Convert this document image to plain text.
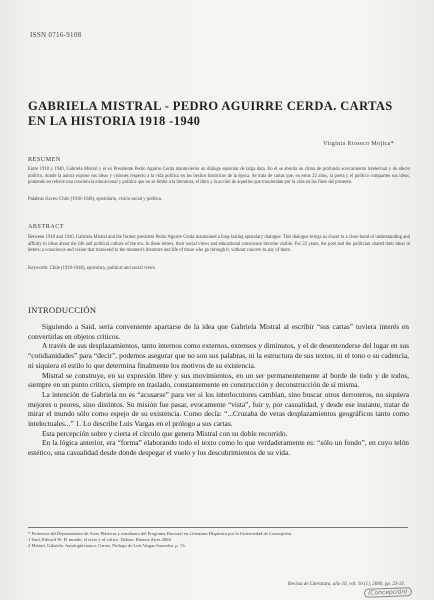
ISSN 0716-9108
GABRIELA MISTRAL - PEDRO AGUIRRE CERDA. CARTAS EN LA HISTORIA 1918 -1940
Virginia Rioseco Mojica*
RESUMEN
Entre 1918 y 1940, Gabriela Mistral y el ex Presidente Pedro Aguirre Cerda mantuvieron un diálogo epistolar de larga data. En él se aborda un clima de profundo acercamiento intelectual y de afecto político, donde la autora expone sus ideas y visiones respecto a la vida política en los hechos históricos de la época. Se trata de cartas que, en estos 22 años, la poeta y el político comparten sus ideas, poniendo en relieve una conciencia educacional y política que no se limita a la literatura, el libro y la acción de aquellos que trasciendan por la vida en los fines del presente.
Palabras claves: Chile (1918-1940), epistolario, visión social y política.
ABSTRACT
Between 1918 and 1940, Gabriela Mistral and the former president Pedro Aguirre Cerda maintained a long-lasting epistolary dialogue. This dialogue brings us closer to a close bond of understanding and affinity in ideas about the life and political culture of the era. In these letters, their social views and educational conscience become visible. For 22 years, the poet and the politician shared their ideas in letters; a conscience and vision that transcend to the moment's literature and life of those who go through it, without concern to any of them.
Keywords: Chile (1918-1940), epistolary, political and social views.
INTRODUCCIÓN

Siguiendo a Said, sería conveniente apartarse de la idea que Gabriela Mistral al escribir “sus cartas” tuviera interés en convertirlas en objetos críticos.

A través de sus desplazamientos, tanto internos como externos, extensos y diminutos, y el de desentenderse del lugar en sus “cotidianidades” para “decir”, podemos asegurar que no son sus palabras, ni la estructura de sus textos, ni el tono o su cadencia, ni siquiera el estilo lo que determina finalmente los motivos de su existencia.

Mistral se construye, en su expresión libre y sus movimientos, en un ser permanentemente al borde de todo y de todos, siempre en un punto crítico, siempre en traslado, constantemente en construcción y deconstrucción de sí misma.

La intención de Gabriela no es “acusarse” para ver si los interlocutores cambian, sino buscar otros derroteros, no siquiera mejores o peores, sino distintos. Su misión fue pasar, evocamente “vista”, fuir y, por casualidad, y desde ese instante, tratar de mirar el mundo sólo como espejo de su existencia. Como decía: “...Cruzaba de veras desplazamientos geográficos tanto como intelectuales...” 1. Lo describe Luis Vargas en el prólogo a sus cartas.

Esta percepción sobre y cierta el círculo que genera Mistral con su doble recorrido.

En la lógica anterior, era “forma” elaborando todo el texto como lo que verdaderamente es: “sólo un fondo”, en cuyo telón estético, una casualidad desde donde despegar el vuelo y los descubrimientos de su vida.

* Profesora del Departamento de Artes Plásticas y estudiante del Programa Doctoral en Literatura Hispánica por la Universidad de Concepción.

1 Said, Edward W. El mundo, el texto y el crítico. Debate, Buenos Aires 2004.

2 Mistral, Gabriela. Antología mayor. Cartas, Prólogo de Luis Vargas Saavedra, p. 13.

Revista de Literatura, año 16, vol. 16 (1), 2006, pp. 23-35
(Concepción)
